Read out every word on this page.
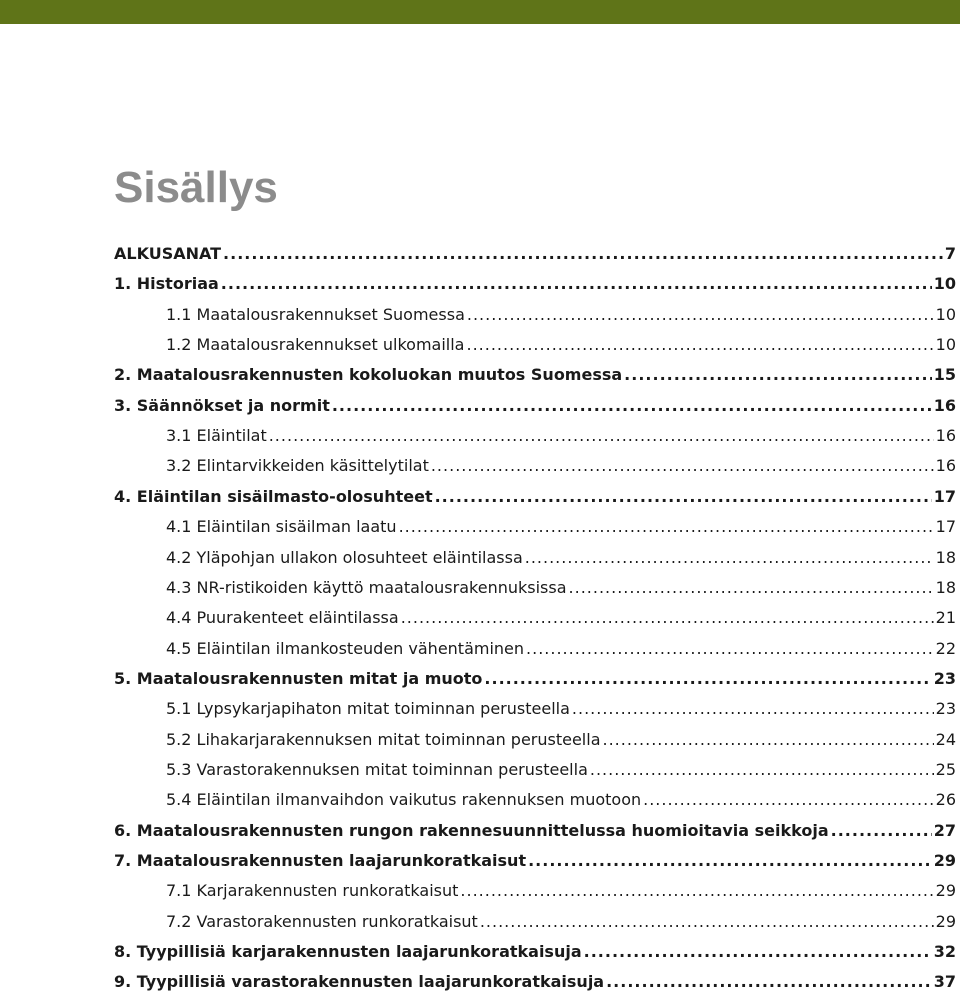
Sisällys
ALKUSANAT .....	7
1. Historiaa .....	10
1.1 Maatalousrakennukset Suomessa .....	10
1.2 Maatalousrakennukset ulkomailla .....	10
2. Maatalousrakennusten kokoluokan muutos Suomessa .....	15
3. Säännökset ja normit .....	16
3.1 Eläintilat .....	16
3.2 Elintarvikkeiden käsittelytilat .....	16
4. Eläintilan sisäilmasto-olosuhteet .....	17
4.1 Eläintilan sisäilman laatu .....	17
4.2 Yläpohjan ullakon olosuhteet eläintilassa .....	18
4.3 NR-ristikoiden käyttö maatalousrakennuksissa .....	18
4.4 Puurakenteet eläintilassa .....	21
4.5 Eläintilan ilmankosteuden vähentäminen .....	22
5. Maatalousrakennusten mitat ja muoto .....	23
5.1 Lypsykarjapihaton mitat toiminnan perusteella .....	23
5.2 Lihakarjarakennuksen mitat toiminnan perusteella .....	24
5.3 Varastorakennuksen mitat toiminnan perusteella .....	25
5.4 Eläintilan ilmanvaihdon vaikutus rakennuksen muotoon .....	26
6. Maatalousrakennusten rungon rakennesuunnittelussa huomioitavia seikkoja .....	27
7. Maatalousrakennusten laajarunkoratkaisut .....	29
7.1 Karjarakennusten runkoratkaisut .....	29
7.2 Varastorakennusten runkoratkaisut .....	29
8. Tyypillisiä karjarakennusten laajarunkoratkaisuja .....	32
9. Tyypillisiä varastorakennusten laajarunkoratkaisuja .....	37
